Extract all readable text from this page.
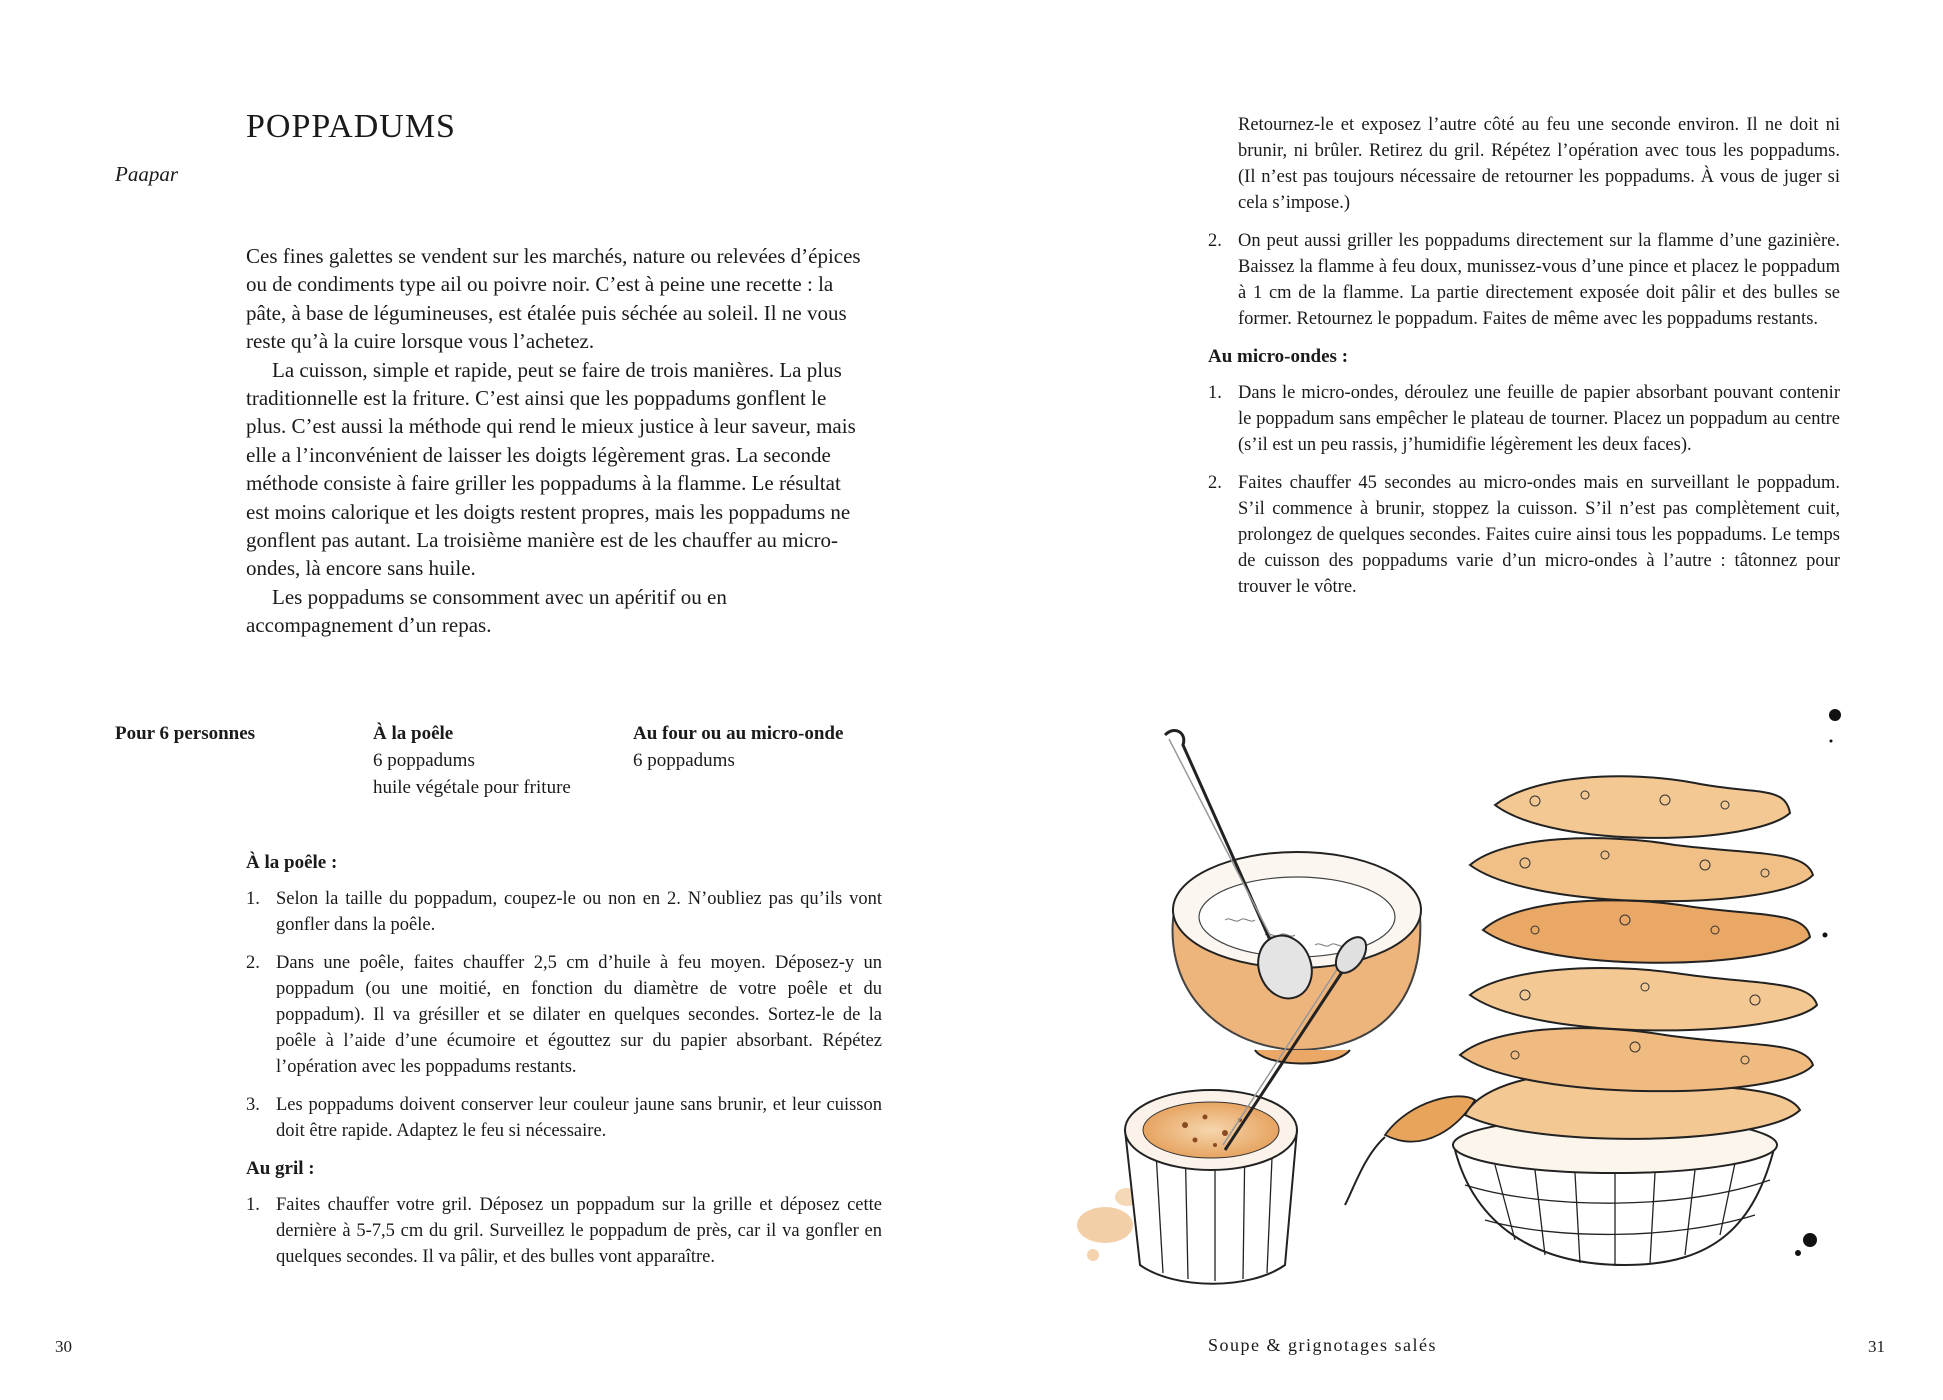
POPPADUMS

Paapar

Ces fines galettes se vendent sur les marchés, nature ou relevées d’épices ou de condiments type ail ou poivre noir. C’est à peine une recette : la pâte, à base de légumineuses, est étalée puis séchée au soleil. Il ne vous reste qu’à la cuire lorsque vous l’achetez.

La cuisson, simple et rapide, peut se faire de trois manières. La plus traditionnelle est la friture. C’est ainsi que les poppadums gonflent le plus. C’est aussi la méthode qui rend le mieux justice à leur saveur, mais elle a l’inconvénient de laisser les doigts légèrement gras. La seconde méthode consiste à faire griller les poppadums à la flamme. Le résultat est moins calorique et les doigts restent propres, mais les poppadums ne gonflent pas autant. La troisième manière est de les chauffer au micro-ondes, là encore sans huile.

Les poppadums se consomment avec un apéritif ou en accompagnement d’un repas.

Pour 6 personnes	À la poêle
6 poppadums
huile végétale pour friture
Au four ou au micro-onde
6 poppadums

À la poêle :

1. Selon la taille du poppadum, coupez-le ou non en 2. N’oubliez pas qu’ils vont gonfler dans la poêle.
2. Dans une poêle, faites chauffer 2,5 cm d’huile à feu moyen. Déposez-y un poppadum (ou une moitié, en fonction du diamètre de votre poêle et du poppadum). Il va grésiller et se dilater en quelques secondes. Sortez-le de la poêle à l’aide d’une écumoire et égouttez sur du papier absorbant. Répétez l’opération avec les poppadums restants.
3. Les poppadums doivent conserver leur couleur jaune sans brunir, et leur cuisson doit être rapide. Adaptez le feu si nécessaire.

Au gril :

1. Faites chauffer votre gril. Déposez un poppadum sur la grille et déposez cette dernière à 5-7,5 cm du gril. Surveillez le poppadum de près, car il va gonfler en quelques secondes. Il va pâlir, et des bulles vont apparaître.
30
Retournez-le et exposez l’autre côté au feu une seconde environ. Il ne doit ni brunir, ni brûler. Retirez du gril. Répétez l’opération avec tous les poppadums. (Il n’est pas toujours nécessaire de retourner les poppadums. À vous de juger si cela s’impose.)
2. On peut aussi griller les poppadums directement sur la flamme d’une gazinière. Baissez la flamme à feu doux, munissez-vous d’une pince et placez le poppadum à 1 cm de la flamme. La partie directement exposée doit pâlir et des bulles se former. Retournez le poppadum. Faites de même avec les poppadums restants.

Au micro-ondes :

1. Dans le micro-ondes, déroulez une feuille de papier absorbant pouvant contenir le poppadum sans empêcher le plateau de tourner. Placez un poppadum au centre (s’il est un peu rassis, j’humidifie légèrement les deux faces).
2. Faites chauffer 45 secondes au micro-ondes mais en surveillant le poppadum. S’il commence à brunir, stoppez la cuisson. S’il n’est pas complètement cuit, prolongez de quelques secondes. Faites cuire ainsi tous les poppadums. Le temps de cuisson des poppadums varie d’un micro-ondes à l’autre : tâtonnez pour trouver le vôtre.
Soupe & grignotages salés	31
